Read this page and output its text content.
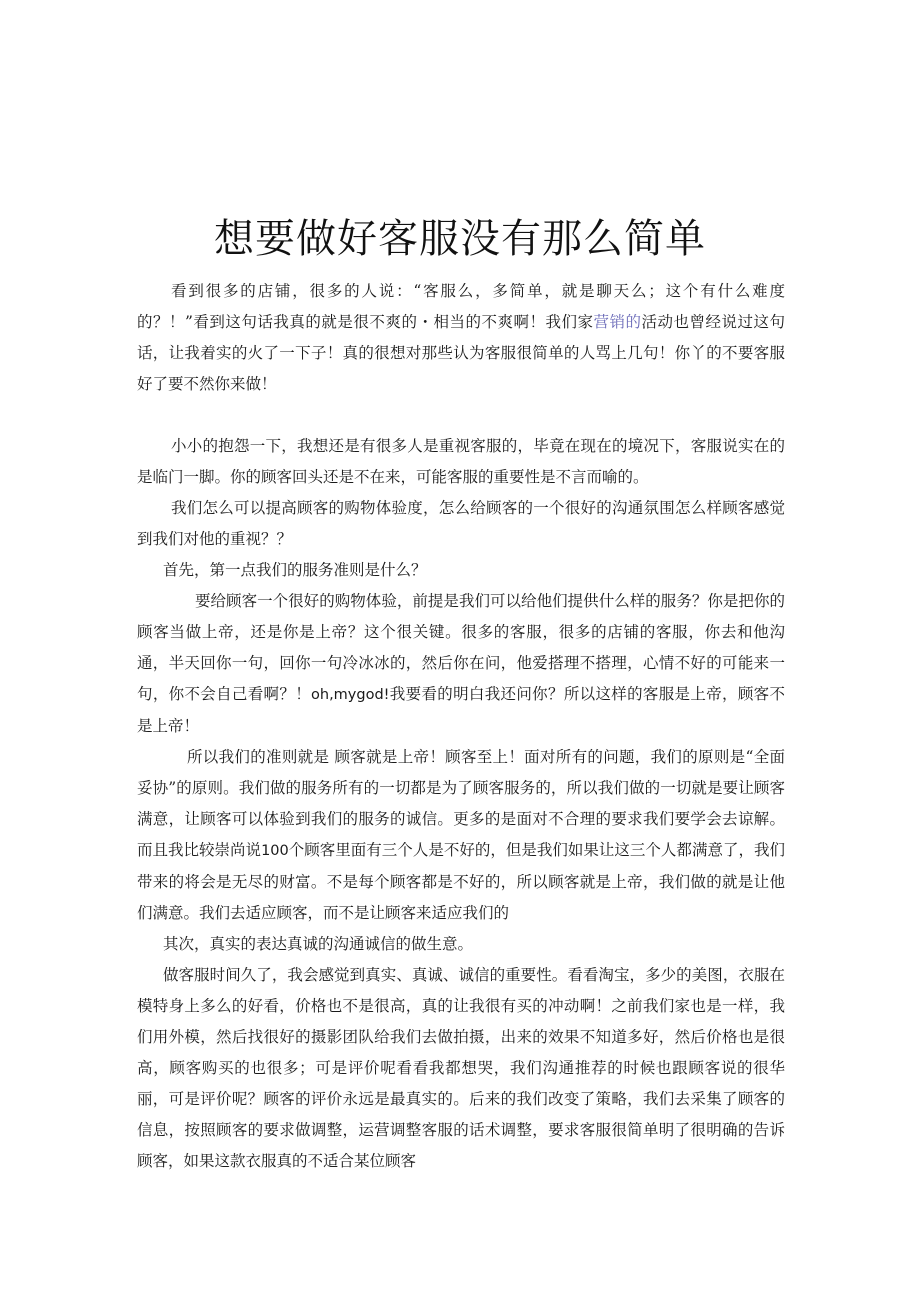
想要做好客服没有那么简单

看到很多的店铺，很多的人说：“客服么，多简单，就是聊天么；这个有什么难度的？！”看到这句话我真的就是很不爽的・相当的不爽啊！我们家营销的活动也曾经说过这句话，让我着实的火了一下子！真的很想对那些认为客服很简单的人骂上几句！你丫的不要客服好了要不然你来做！

小小的抱怨一下，我想还是有很多人是重视客服的，毕竟在现在的境况下，客服说实在的是临门一脚。你的顾客回头还是不在来，可能客服的重要性是不言而喻的。

我们怎么可以提高顾客的购物体验度，怎么给顾客的一个很好的沟通氛围怎么样顾客感觉到我们对他的重视？？

首先，第一点我们的服务准则是什么？

要给顾客一个很好的购物体验，前提是我们可以给他们提供什么样的服务？你是把你的顾客当做上帝，还是你是上帝？这个很关键。很多的客服，很多的店铺的客服，你去和他沟通，半天回你一句，回你一句冷冰冰的，然后你在问，他爱搭理不搭理，心情不好的可能来一句，你不会自己看啊？！oh,mygod!我要看的明白我还问你？所以这样的客服是上帝，顾客不是上帝！

所以我们的准则就是 顾客就是上帝！顾客至上！面对所有的问题，我们的原则是“全面妥协”的原则。我们做的服务所有的一切都是为了顾客服务的，所以我们做的一切就是要让顾客满意，让顾客可以体验到我们的服务的诚信。更多的是面对不合理的要求我们要学会去谅解。而且我比较崇尚说100个顾客里面有三个人是不好的，但是我们如果让这三个人都满意了，我们带来的将会是无尽的财富。不是每个顾客都是不好的，所以顾客就是上帝，我们做的就是让他们满意。我们去适应顾客，而不是让顾客来适应我们的

其次，真实的表达真诚的沟通诚信的做生意。

做客服时间久了，我会感觉到真实、真诚、诚信的重要性。看看淘宝，多少的美图，衣服在模特身上多么的好看，价格也不是很高，真的让我很有买的冲动啊！之前我们家也是一样，我们用外模，然后找很好的摄影团队给我们去做拍摄，出来的效果不知道多好，然后价格也是很高，顾客购买的也很多；可是评价呢看看我都想哭，我们沟通推荐的时候也跟顾客说的很华丽，可是评价呢？顾客的评价永远是最真实的。后来的我们改变了策略，我们去采集了顾客的信息，按照顾客的要求做调整，运营调整客服的话术调整，要求客服很简单明了很明确的告诉顾客，如果这款衣服真的不适合某位顾客
